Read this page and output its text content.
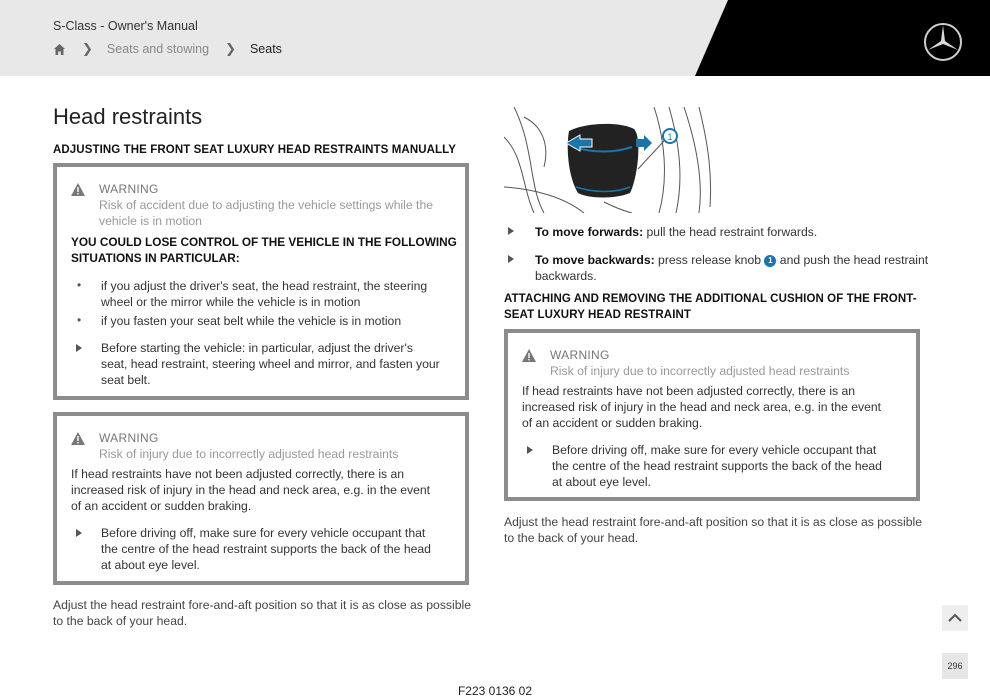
S-Class - Owner's Manual
❯ Seats and stowing ❯ Seats
Head restraints
ADJUSTING THE FRONT SEAT LUXURY HEAD RESTRAINTS MANUALLY
WARNING
Risk of accident due to adjusting the vehicle settings while the
vehicle is in motion
YOU COULD LOSE CONTROL OF THE VEHICLE IN THE FOLLOWING
SITUATIONS IN PARTICULAR:
• if you adjust the driver's seat, the head restraint, the steering
wheel or the mirror while the vehicle is in motion
• if you fasten your seat belt while the vehicle is in motion
Before starting the vehicle: in particular, adjust the driver's
seat, head restraint, steering wheel and mirror, and fasten your
seat belt.
WARNING
Risk of injury due to incorrectly adjusted head restraints
If head restraints have not been adjusted correctly, there is an
increased risk of injury in the head and neck area, e.g. in the event
of an accident or sudden braking.
Before driving off, make sure for every vehicle occupant that
the centre of the head restraint supports the back of the head
at about eye level.
Adjust the head restraint fore-and-aft position so that it is as close as possible
to the back of your head.
1
To move forwards: pull the head restraint forwards.
To move backwards: press release knob 1 and push the head restraint
backwards.
ATTACHING AND REMOVING THE ADDITIONAL CUSHION OF THE FRONT-
SEAT LUXURY HEAD RESTRAINT
WARNING
Risk of injury due to incorrectly adjusted head restraints
If head restraints have not been adjusted correctly, there is an
increased risk of injury in the head and neck area, e.g. in the event
of an accident or sudden braking.
Before driving off, make sure for every vehicle occupant that
the centre of the head restraint supports the back of the head
at about eye level.
Adjust the head restraint fore-and-aft position so that it is as close as possible
to the back of your head.
296
F223 0136 02
